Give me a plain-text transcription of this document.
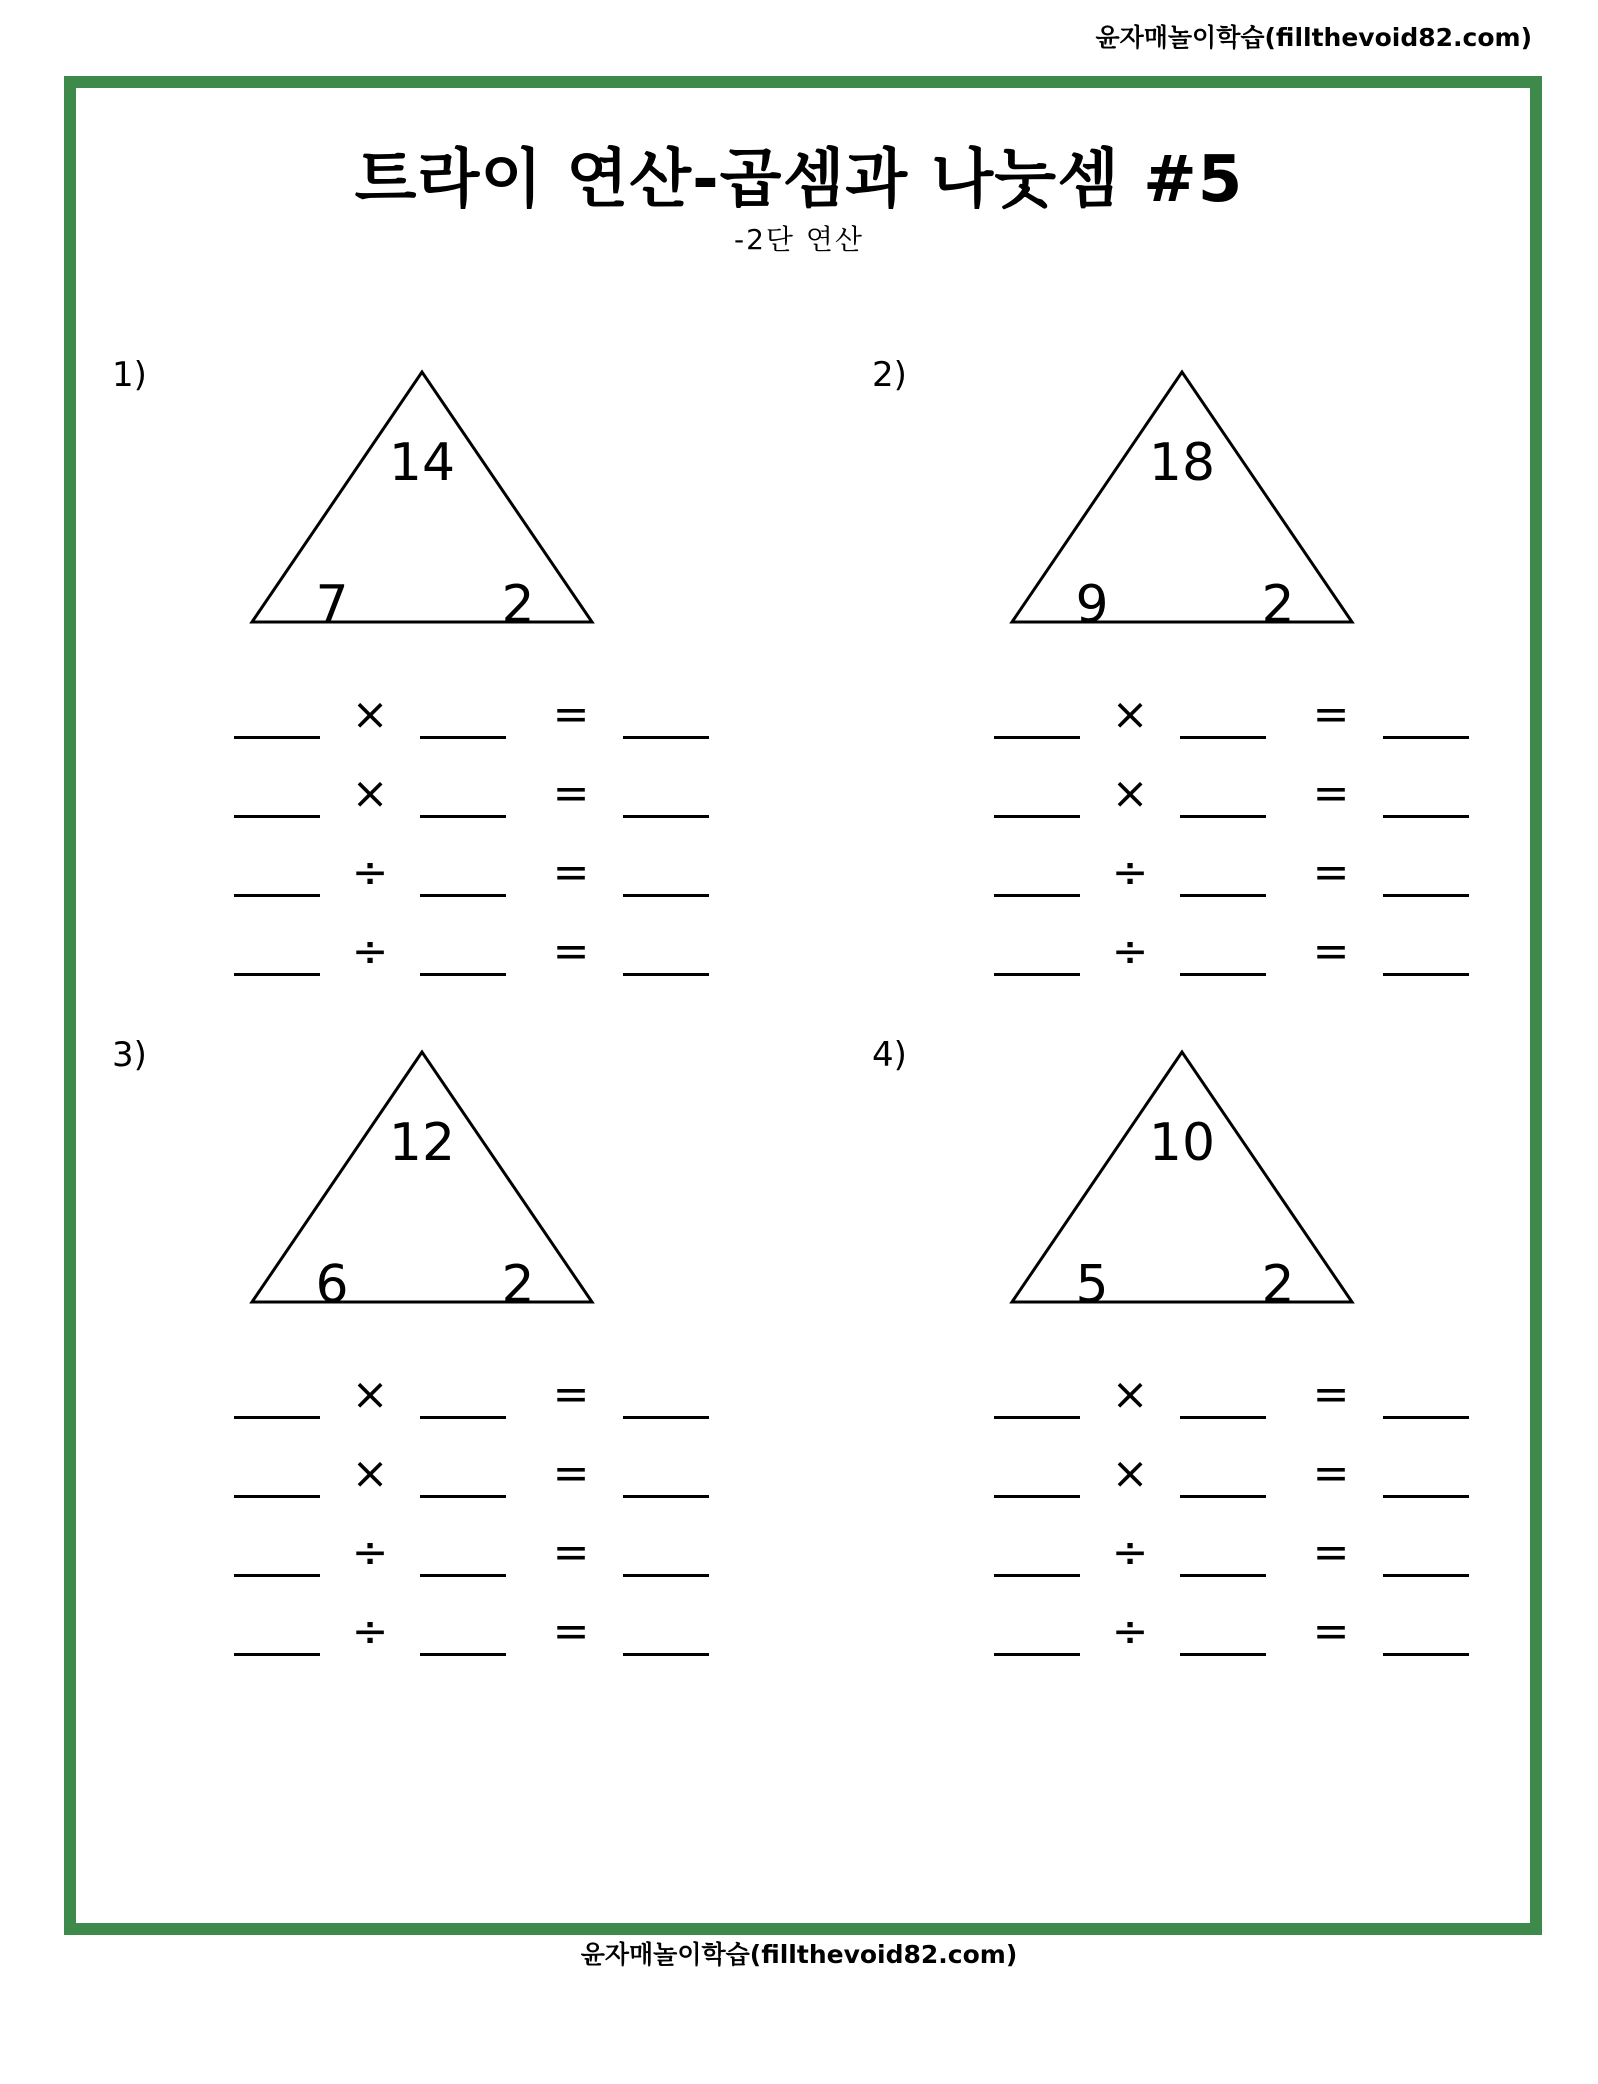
윤자매놀이학습(fillthevoid82.com)
트라이 연산-곱셈과 나눗셈 #5
-2단 연산
1)
14
7	2
×	=
×	=
÷	=
÷	=
2)
18
9	2
×	=
×	=
÷	=
÷	=
3)
12
6	2
×	=
×	=
÷	=
÷	=
4)
10
5	2
×	=
×	=
÷	=
÷	=
윤자매놀이학습(fillthevoid82.com)
